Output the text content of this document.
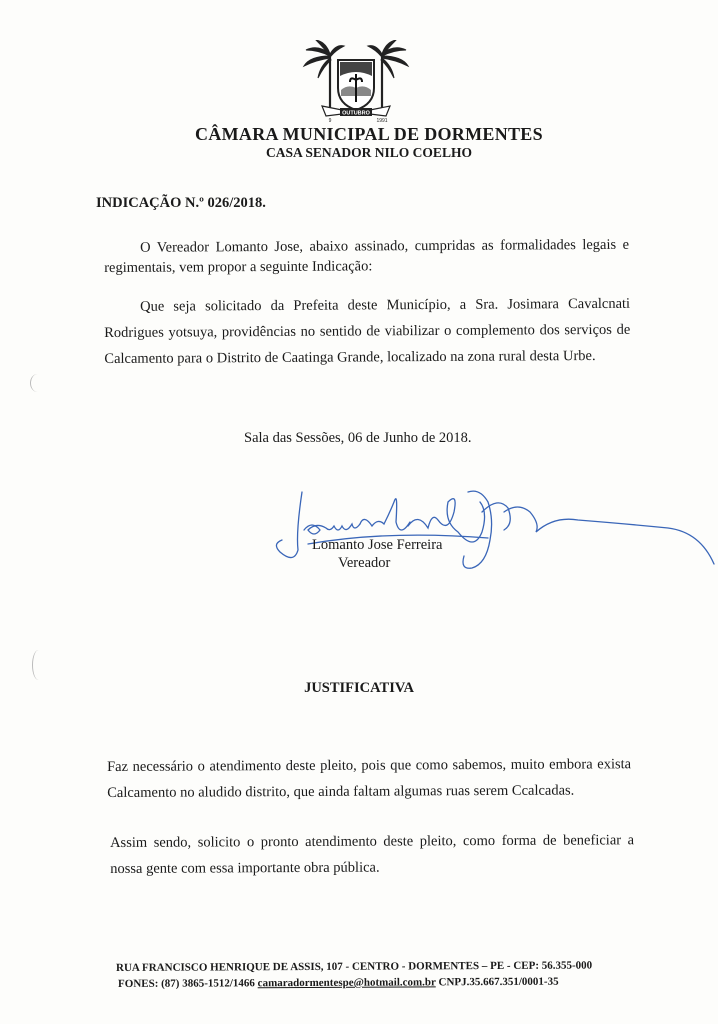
OUTUBRO
9	1991
CÂMARA MUNICIPAL DE DORMENTES
CASA SENADOR NILO COELHO
INDICAÇÃO N.º 026/2018.
O Vereador Lomanto Jose, abaixo assinado, cumpridas as formalidades legais e regimentais, vem propor a seguinte Indicação:
Que seja solicitado da Prefeita deste Município, a Sra. Josimara Cavalcnati Rodrigues yotsuya, providências no sentido de viabilizar o complemento dos serviços de Calcamento para o Distrito de Caatinga Grande, localizado na zona rural desta Urbe.
Sala das Sessões, 06 de Junho de 2018.
Lomanto Jose Ferreira
Vereador
JUSTIFICATIVA
Faz necessário o atendimento deste pleito, pois que como sabemos, muito embora exista Calcamento no aludido distrito, que ainda faltam algumas ruas serem Ccalcadas.
Assim sendo, solicito o pronto atendimento deste pleito, como forma de beneficiar a nossa gente com essa importante obra pública.
RUA FRANCISCO HENRIQUE DE ASSIS, 107 - CENTRO - DORMENTES – PE - CEP: 56.355-000
FONES: (87) 3865-1512/1466 camaradormentespe@hotmail.com.br CNPJ.35.667.351/0001-35
